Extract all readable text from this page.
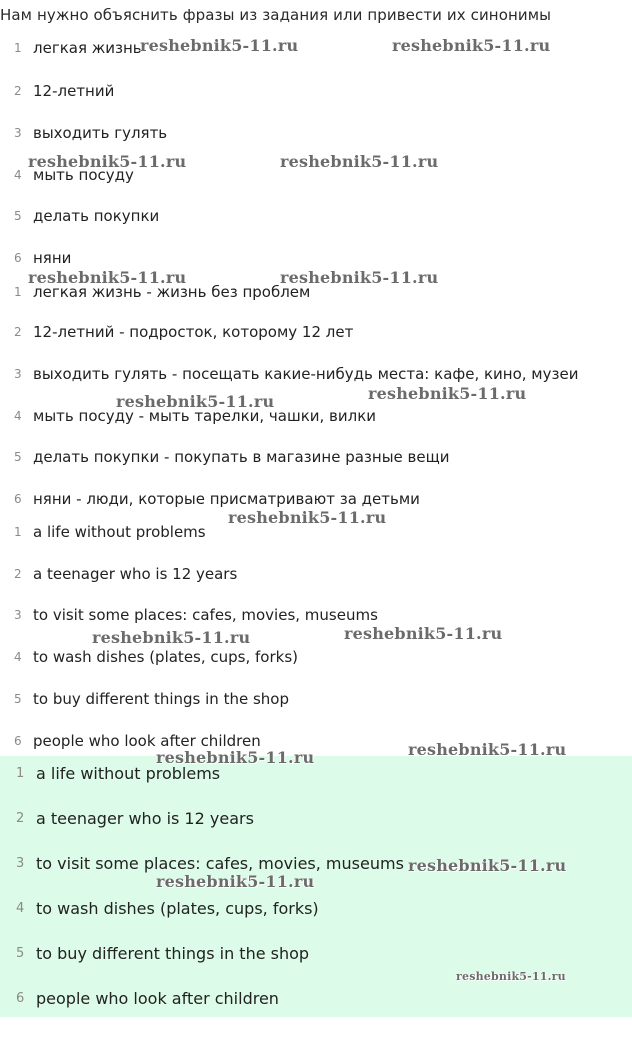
Нам нужно объяснить фразы из задания или привести их синонимы
1 легкая жизнь
2 12-летний
3 выходить гулять
4 мыть посуду
5 делать покупки
6 няни
1 легкая жизнь - жизнь без проблем
2 12-летний - подросток, которому 12 лет
3 выходить гулять - посещать какие-нибудь места: кафе, кино, музеи
4 мыть посуду - мыть тарелки, чашки, вилки
5 делать покупки - покупать в магазине разные вещи
6 няни - люди, которые присматривают за детьми
1 a life without problems
2 a teenager who is 12 years
3 to visit some places: cafes, movies, museums
4 to wash dishes (plates, cups, forks)
5 to buy different things in the shop
6 people who look after children
1 a life without problems
2 a teenager who is 12 years
3 to visit some places: cafes, movies, museums
4 to wash dishes (plates, cups, forks)
5 to buy different things in the shop
6 people who look after children
reshebnik5-11.ru	reshebnik5-11.ru
reshebnik5-11.ru	reshebnik5-11.ru
reshebnik5-11.ru	reshebnik5-11.ru
reshebnik5-11.ru	reshebnik5-11.ru
reshebnik5-11.ru
reshebnik5-11.ru	reshebnik5-11.ru
reshebnik5-11.ru	reshebnik5-11.ru
reshebnik5-11.ru
reshebnik5-11.ru
reshebnik5-11.ru
